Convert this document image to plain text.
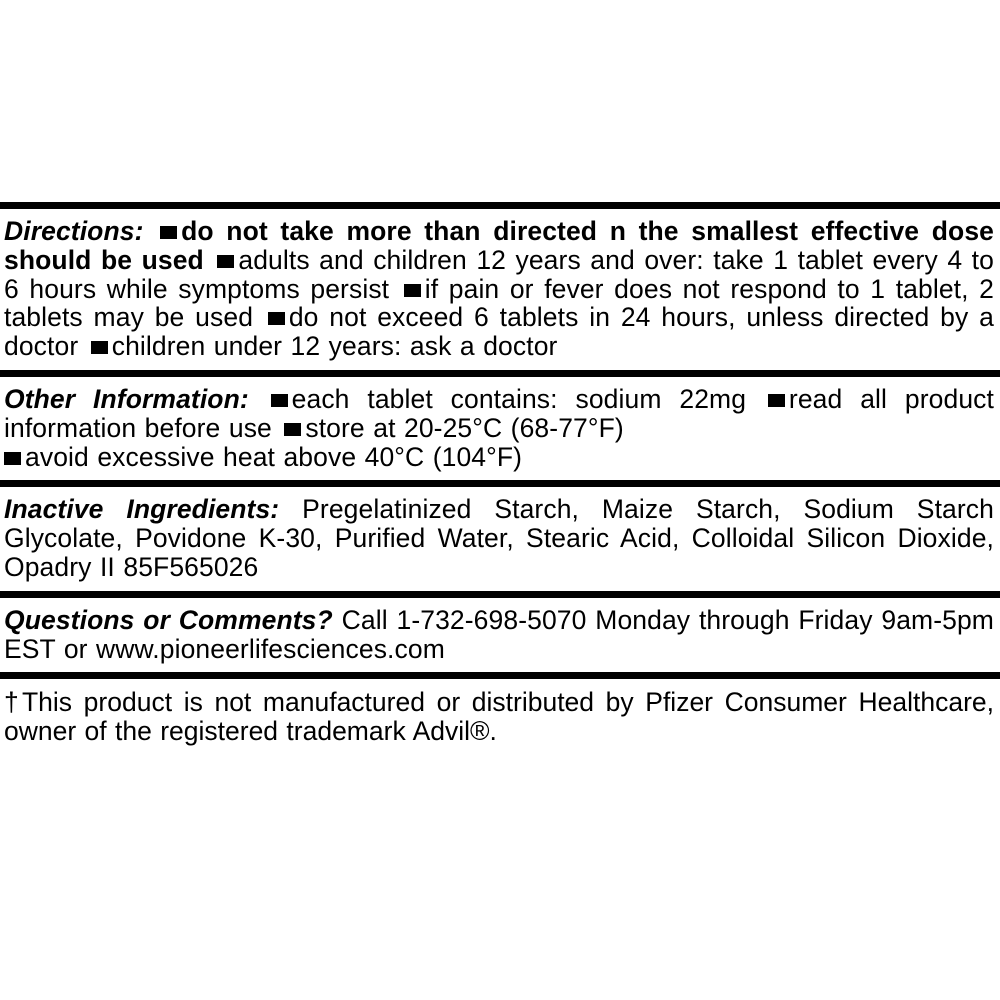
Directions: do not take more than directed n the smallest effective dose should be used adults and children 12 years and over: take 1 tablet every 4 to 6 hours while symptoms persist if pain or fever does not respond to 1 tablet, 2 tablets may be used do not exceed 6 tablets in 24 hours, unless directed by a doctor children under 12 years: ask a doctor
Other Information: each tablet contains: sodium 22mg read all product information before use store at 20-25°C (68-77°F)
avoid excessive heat above 40°C (104°F)
Inactive Ingredients: Pregelatinized Starch, Maize Starch, Sodium Starch Glycolate, Povidone K-30, Purified Water, Stearic Acid, Colloidal Silicon Dioxide, Opadry II 85F565026
Questions or Comments? Call 1-732-698-5070 Monday through Friday 9am-5pm EST or www.pioneerlifesciences.com
†This product is not manufactured or distributed by Pfizer Consumer Healthcare, owner of the registered trademark Advil®.
